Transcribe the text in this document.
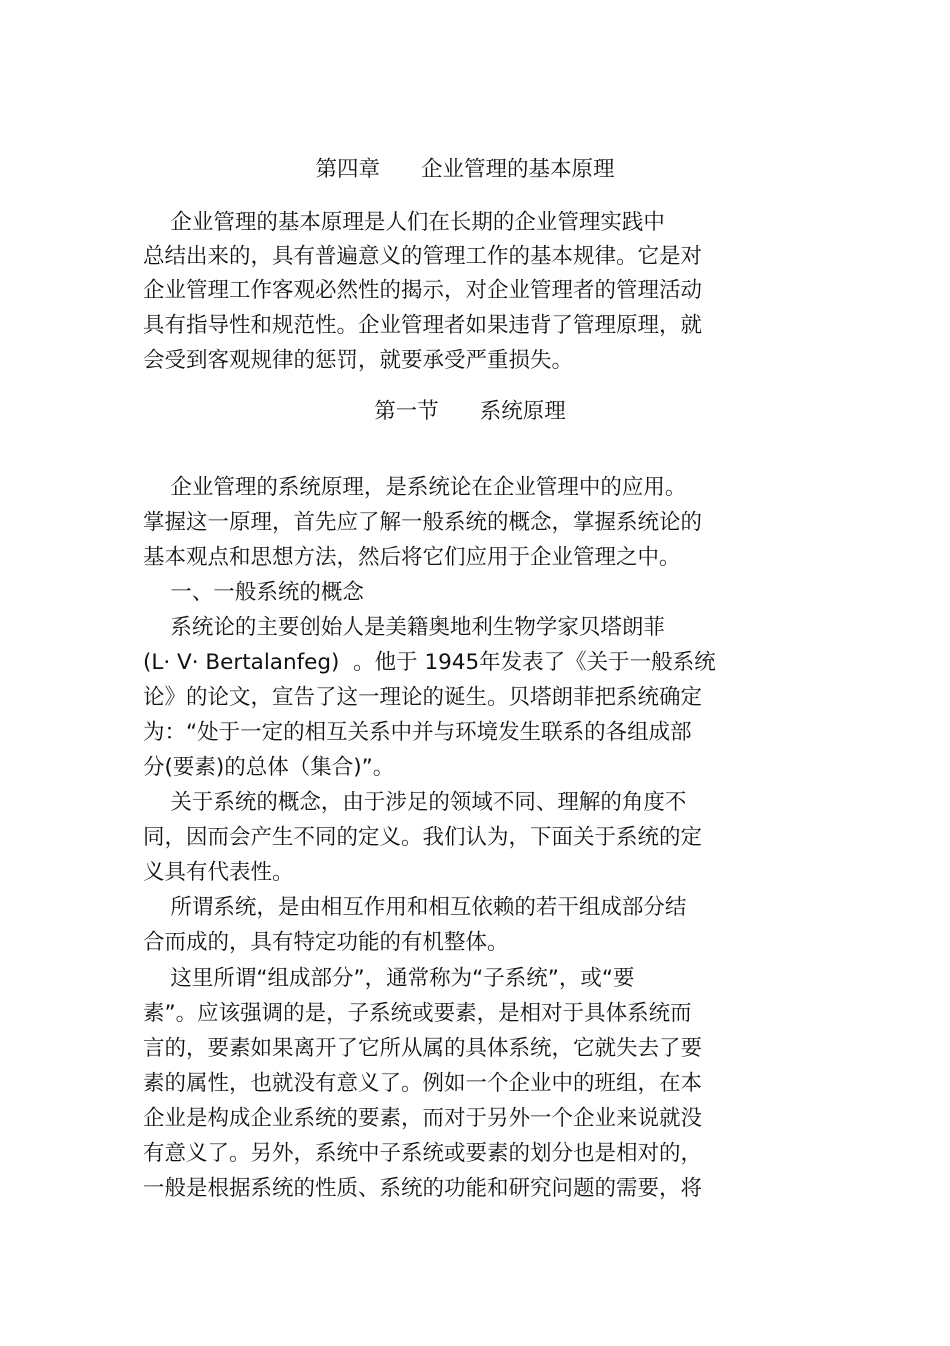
第四章      企业管理的基本原理
企业管理的基本原理是人们在长期的企业管理实践中
总结出来的，具有普遍意义的管理工作的基本规律。它是对
企业管理工作客观必然性的揭示，对企业管理者的管理活动
具有指导性和规范性。企业管理者如果违背了管理原理，就
会受到客观规律的惩罚，就要承受严重损失。
第一节      系统原理
企业管理的系统原理，是系统论在企业管理中的应用。
掌握这一原理，首先应了解一般系统的概念，掌握系统论的
基本观点和思想方法，然后将它们应用于企业管理之中。
一、一般系统的概念
系统论的主要创始人是美籍奥地利生物学家贝塔朗菲
(L· V· Bertalanfeg)  。他于 1945年发表了《关于一般系统
论》的论文，宣告了这一理论的诞生。贝塔朗菲把系统确定
为：“处于一定的相互关系中并与环境发生联系的各组成部
分(要素)的总体（集合)”。
关于系统的概念，由于涉足的领域不同、理解的角度不
同，因而会产生不同的定义。我们认为，下面关于系统的定
义具有代表性。
所谓系统，是由相互作用和相互依赖的若干组成部分结
合而成的，具有特定功能的有机整体。
这里所谓“组成部分”，通常称为“子系统”，或“要
素”。应该强调的是，子系统或要素，是相对于具体系统而
言的，要素如果离开了它所从属的具体系统，它就失去了要
素的属性，也就没有意义了。例如一个企业中的班组，在本
企业是构成企业系统的要素，而对于另外一个企业来说就没
有意义了。另外，系统中子系统或要素的划分也是相对的，
一般是根据系统的性质、系统的功能和研究问题的需要，将
